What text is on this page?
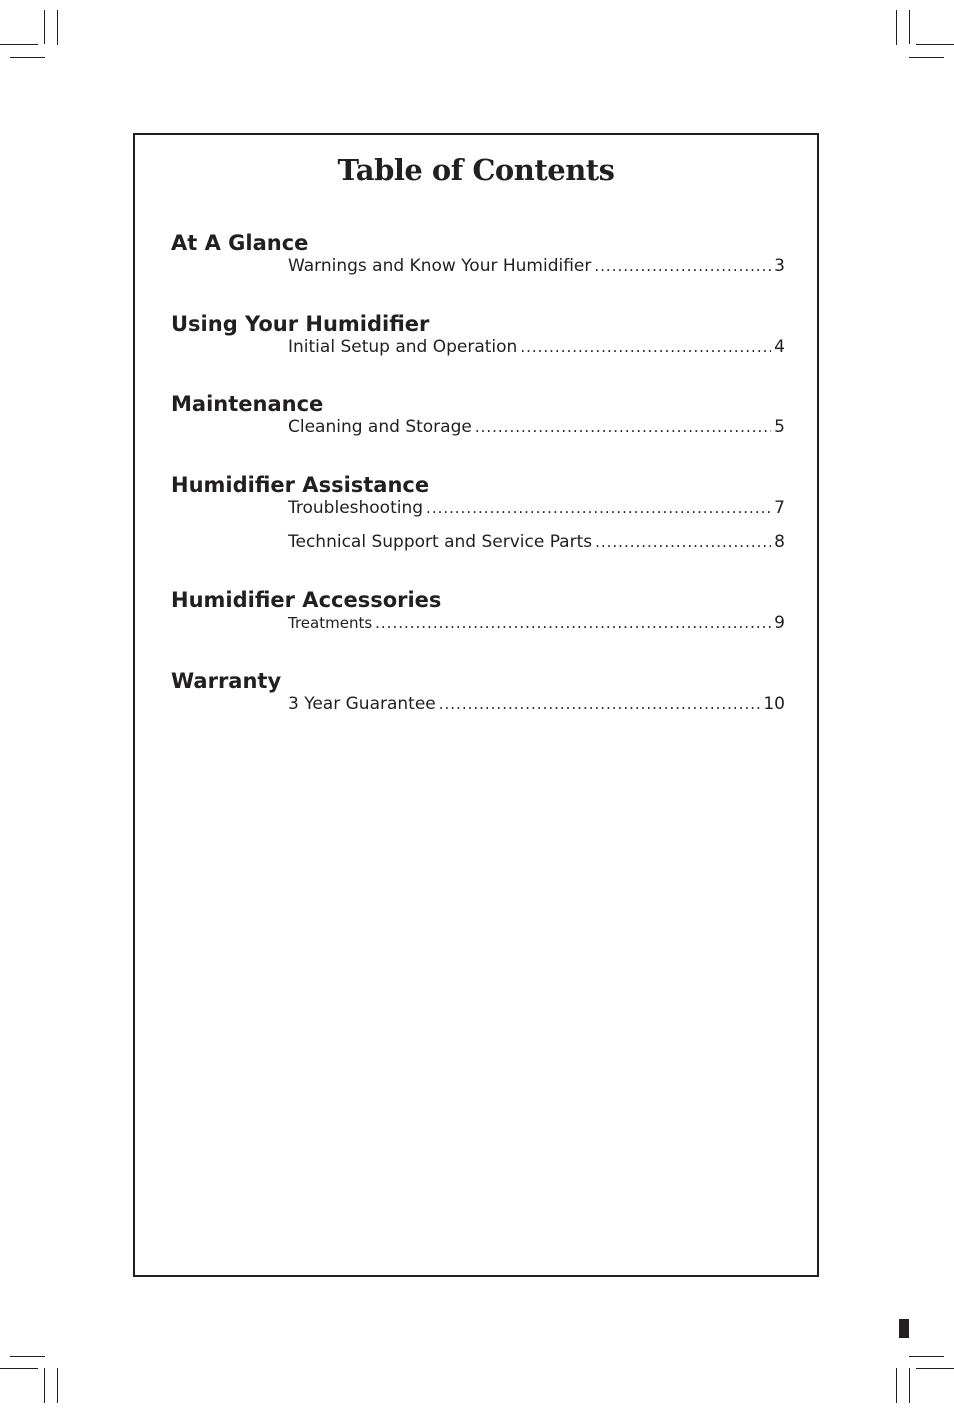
Table of Contents
At A Glance
Warnings and Know Your Humidifier .....	3
Using Your Humidifier
Initial Setup and Operation .....	4
Maintenance
Cleaning and Storage .....	5
Humidifier Assistance
Troubleshooting .....	7
Technical Support and Service Parts .....	8
Humidifier Accessories
Treatments .....	9
Warranty
3 Year Guarantee .....	10
